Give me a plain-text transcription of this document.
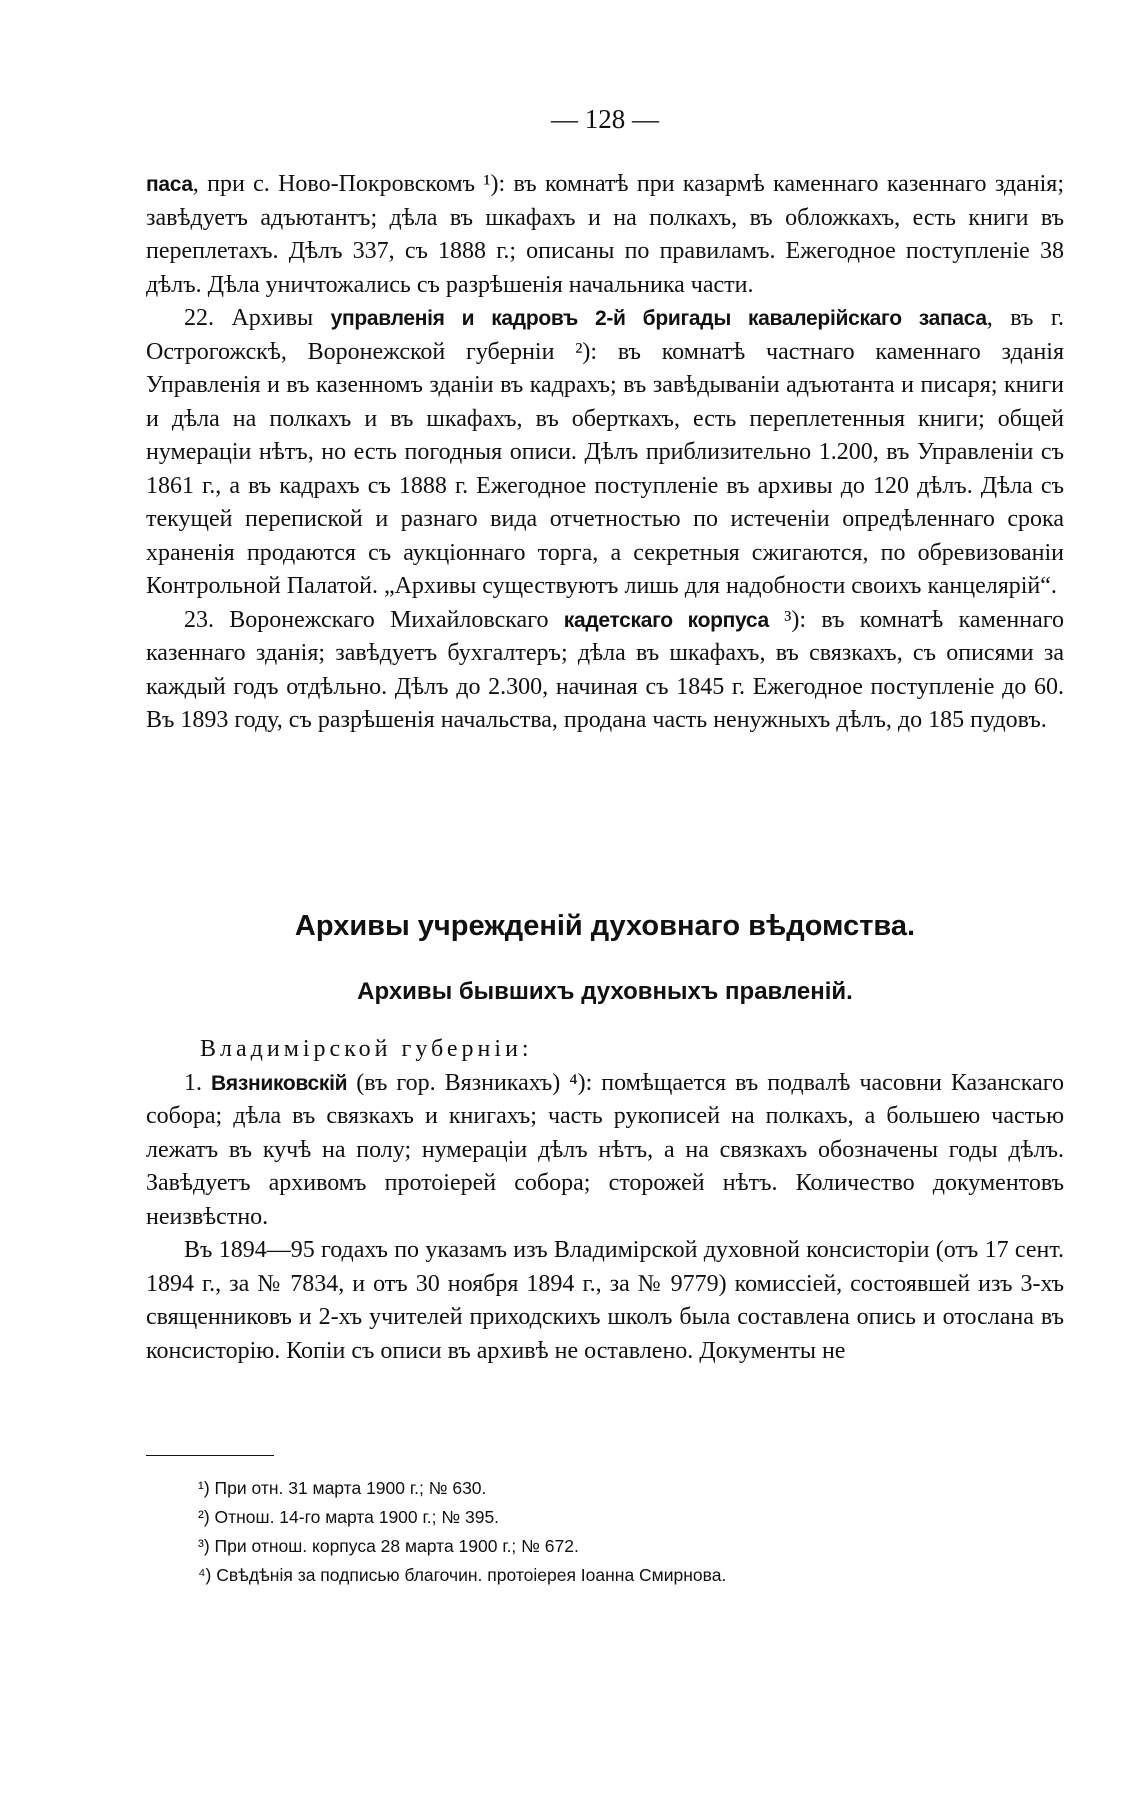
— 128 —

паса, при с. Ново-Покровскомъ ¹): въ комнатѣ при казармѣ каменнаго казеннаго зданія; завѣдуетъ адъютантъ; дѣла въ шкафахъ и на полкахъ, въ обложкахъ, есть книги въ переплетахъ. Дѣлъ 337, съ 1888 г.; описаны по правиламъ. Ежегодное поступленіе 38 дѣлъ. Дѣла уничтожались съ разрѣшенія начальника части.

22. Архивы управленія и кадровъ 2-й бригады кавалерійскаго запаса, въ г. Острогожскѣ, Воронежской губерніи ²): въ комнатѣ частнаго каменнаго зданія Управленія и въ казенномъ зданіи въ кадрахъ; въ завѣдываніи адъютанта и писаря; книги и дѣла на полкахъ и въ шкафахъ, въ оберткахъ, есть переплетенныя книги; общей нумераціи нѣтъ, но есть погодныя описи. Дѣлъ приблизительно 1.200, въ Управленіи съ 1861 г., а въ кадрахъ съ 1888 г. Ежегодное поступленіе въ архивы до 120 дѣлъ. Дѣла съ текущей перепиской и разнаго вида отчетностью по истеченіи опредѣленнаго срока храненія продаются съ аукціоннаго торга, а секретныя сжигаются, по обревизованіи Контрольной Палатой. „Архивы существуютъ лишь для надобности своихъ канцелярій“.

23. Воронежскаго Михайловскаго кадетскаго корпуса ³): въ комнатѣ каменнаго казеннаго зданія; завѣдуетъ бухгалтеръ; дѣла въ шкафахъ, въ связкахъ, съ описями за каждый годъ отдѣльно. Дѣлъ до 2.300, начиная съ 1845 г. Ежегодное поступленіе до 60. Въ 1893 году, съ разрѣшенія начальства, продана часть ненужныхъ дѣлъ, до 185 пудовъ.

Архивы учрежденій духовнаго вѣдомства.
Архивы бывшихъ духовныхъ правленій.

Владимірской губерніи:

1. Вязниковскій (въ гор. Вязникахъ) ⁴): помѣщается въ подвалѣ часовни Казанскаго собора; дѣла въ связкахъ и книгахъ; часть рукописей на полкахъ, а большею частью лежатъ въ кучѣ на полу; нумераціи дѣлъ нѣтъ, а на связкахъ обозначены годы дѣлъ. Завѣдуетъ архивомъ протоіерей собора; сторожей нѣтъ. Количество документовъ неизвѣстно.

Въ 1894—95 годахъ по указамъ изъ Владимірской духовной консисторіи (отъ 17 сент. 1894 г., за № 7834, и отъ 30 ноября 1894 г., за № 9779) комиссіей, состоявшей изъ 3-хъ священниковъ и 2-хъ учителей приходскихъ школъ была составлена опись и отослана въ консисторію. Копіи съ описи въ архивѣ не оставлено. Документы не

¹) При отн. 31 марта 1900 г.; № 630.
²) Отнош. 14-го марта 1900 г.; № 395.
³) При отнош. корпуса 28 марта 1900 г.; № 672.
⁴) Свѣдѣнія за подписью благочин. протоіерея Іоанна Смирнова.
